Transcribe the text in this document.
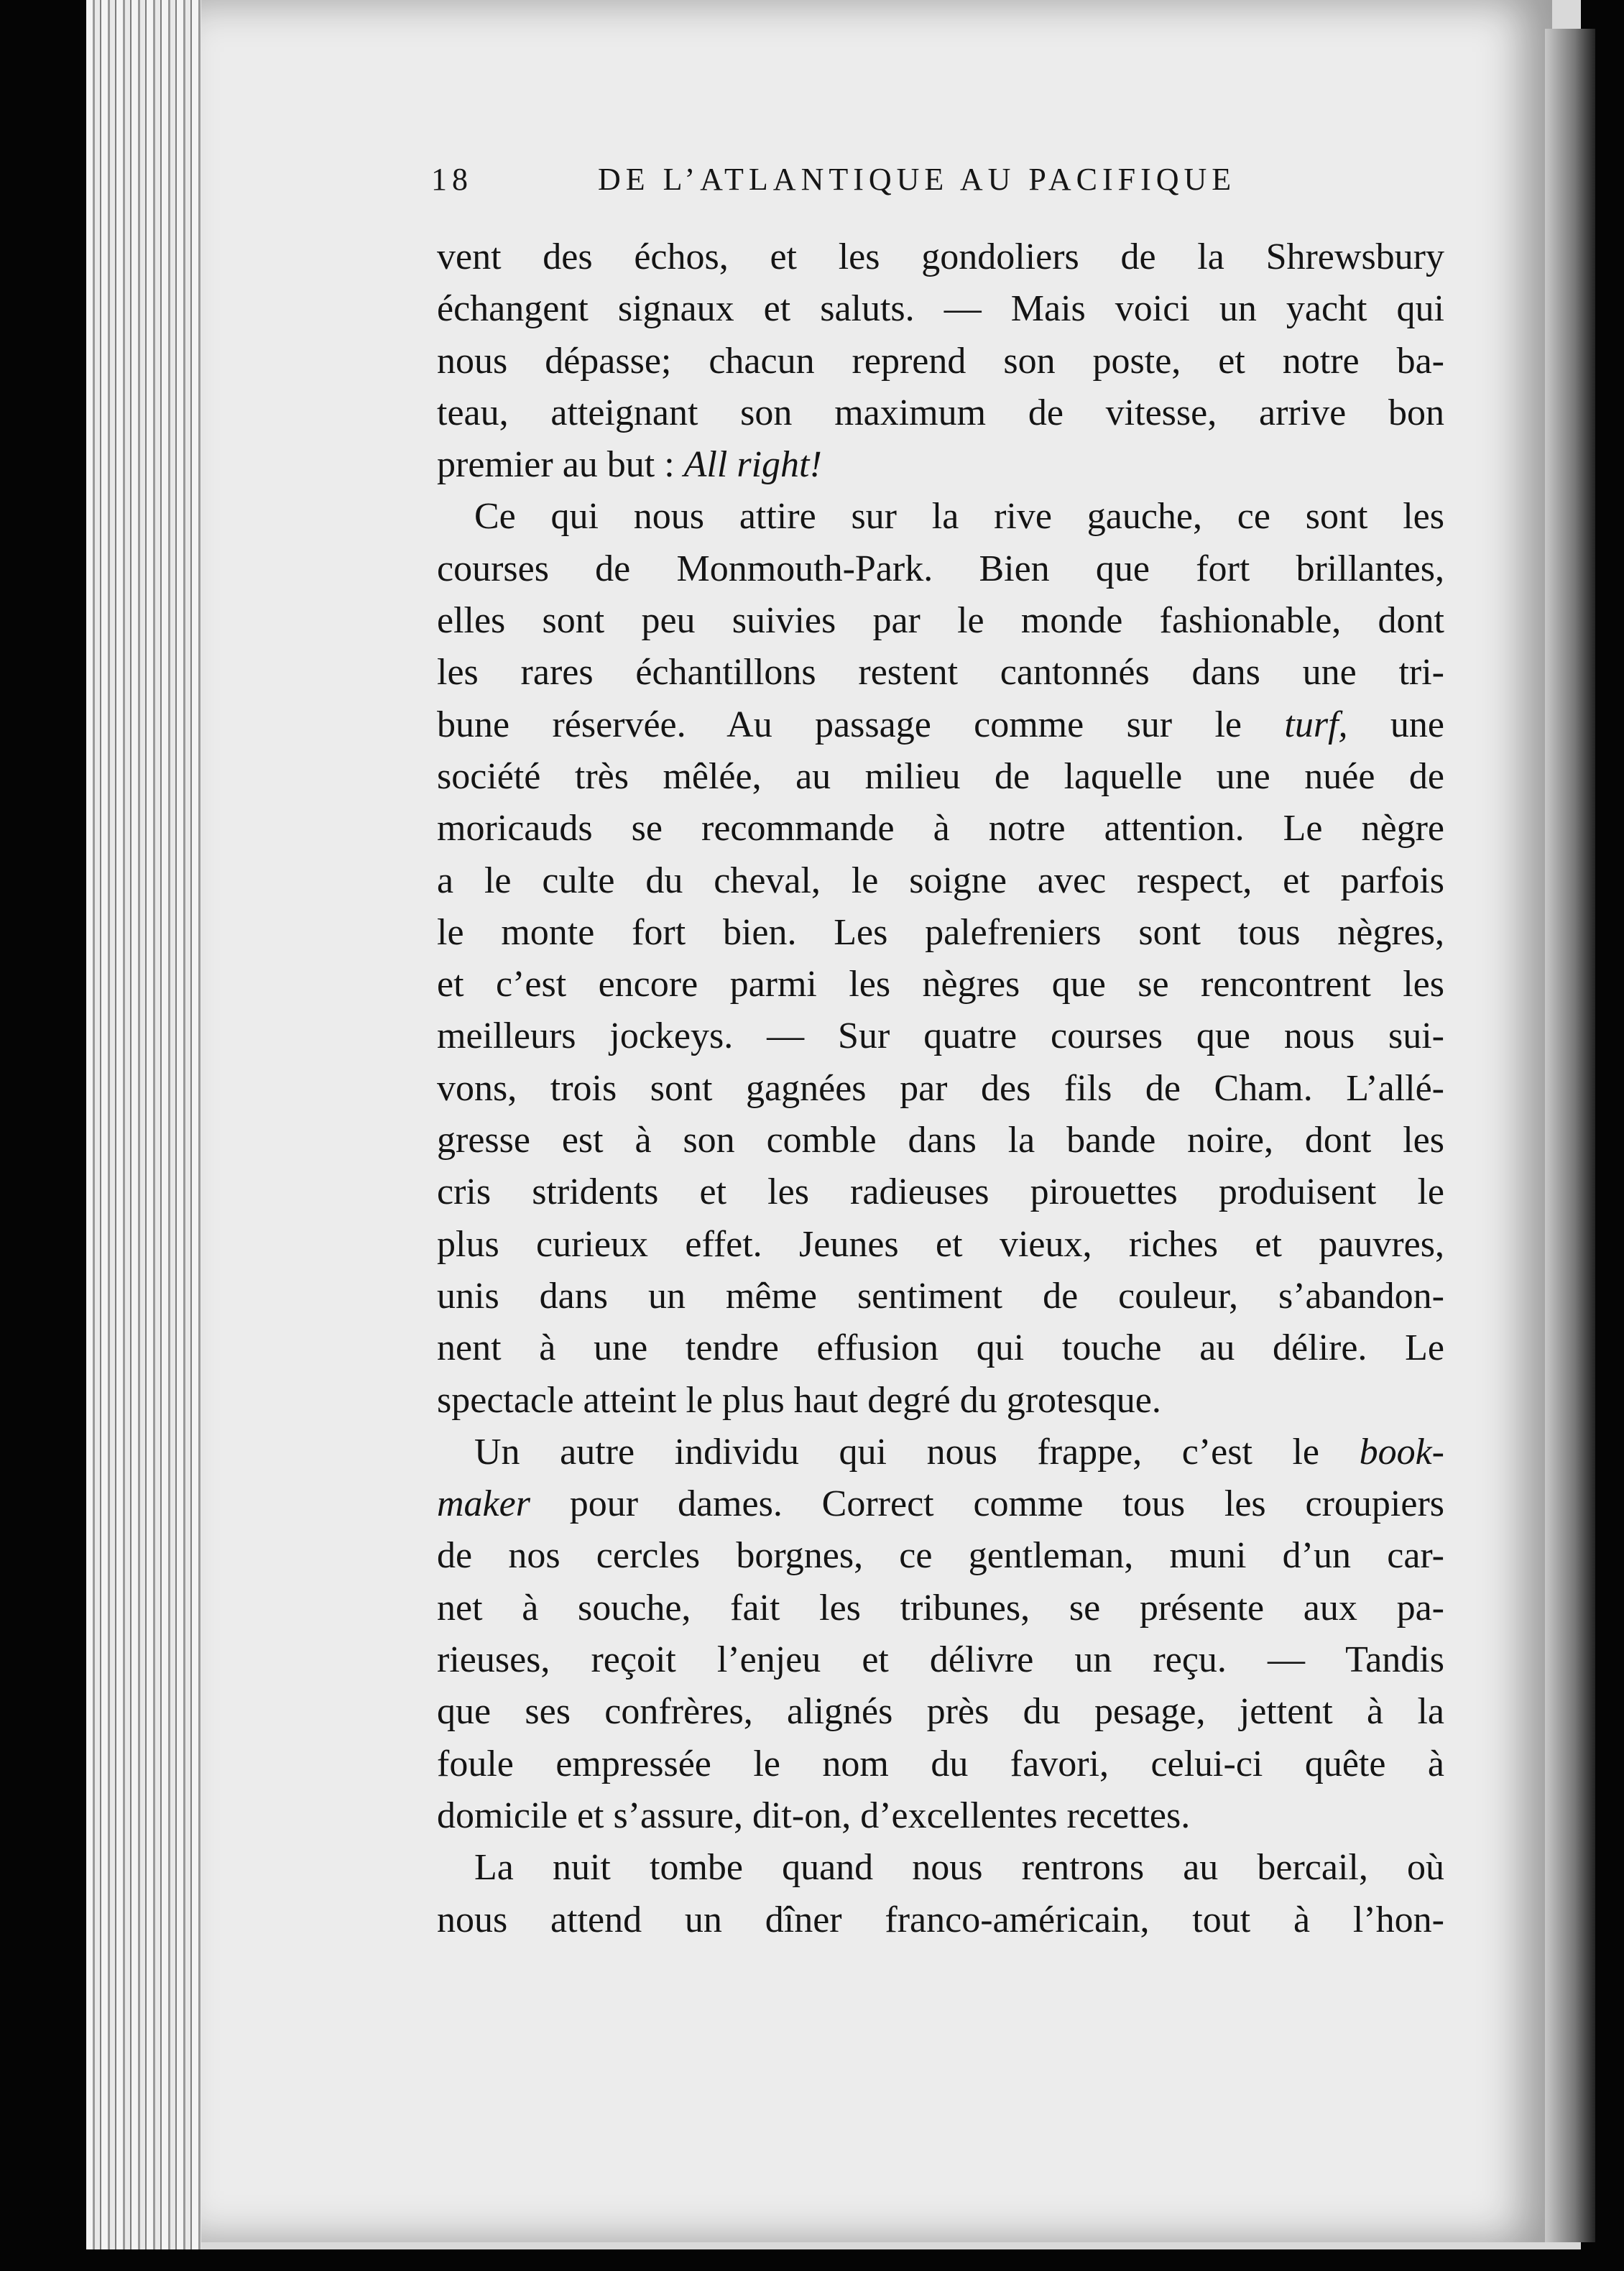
18	DE L’ATLANTIQUE AU PACIFIQUE
vent des échos, et les gondoliers de la Shrewsbury
échangent signaux et saluts. — Mais voici un yacht qui
nous dépasse; chacun reprend son poste, et notre ba-
teau, atteignant son maximum de vitesse, arrive bon
premier au but : All right!
Ce qui nous attire sur la rive gauche, ce sont les
courses de Monmouth-Park. Bien que fort brillantes,
elles sont peu suivies par le monde fashionable, dont
les rares échantillons restent cantonnés dans une tri-
bune réservée. Au passage comme sur le turf, une
société très mêlée, au milieu de laquelle une nuée de
moricauds se recommande à notre attention. Le nègre
a le culte du cheval, le soigne avec respect, et parfois
le monte fort bien. Les palefreniers sont tous nègres,
et c’est encore parmi les nègres que se rencontrent les
meilleurs jockeys. — Sur quatre courses que nous sui-
vons, trois sont gagnées par des fils de Cham. L’allé-
gresse est à son comble dans la bande noire, dont les
cris stridents et les radieuses pirouettes produisent le
plus curieux effet. Jeunes et vieux, riches et pauvres,
unis dans un même sentiment de couleur, s’abandon-
nent à une tendre effusion qui touche au délire. Le
spectacle atteint le plus haut degré du grotesque.
Un autre individu qui nous frappe, c’est le book-
maker pour dames. Correct comme tous les croupiers
de nos cercles borgnes, ce gentleman, muni d’un car-
net à souche, fait les tribunes, se présente aux pa-
rieuses, reçoit l’enjeu et délivre un reçu. — Tandis
que ses confrères, alignés près du pesage, jettent à la
foule empressée le nom du favori, celui-ci quête à
domicile et s’assure, dit-on, d’excellentes recettes.
La nuit tombe quand nous rentrons au bercail, où
nous attend un dîner franco-américain, tout à l’hon-
